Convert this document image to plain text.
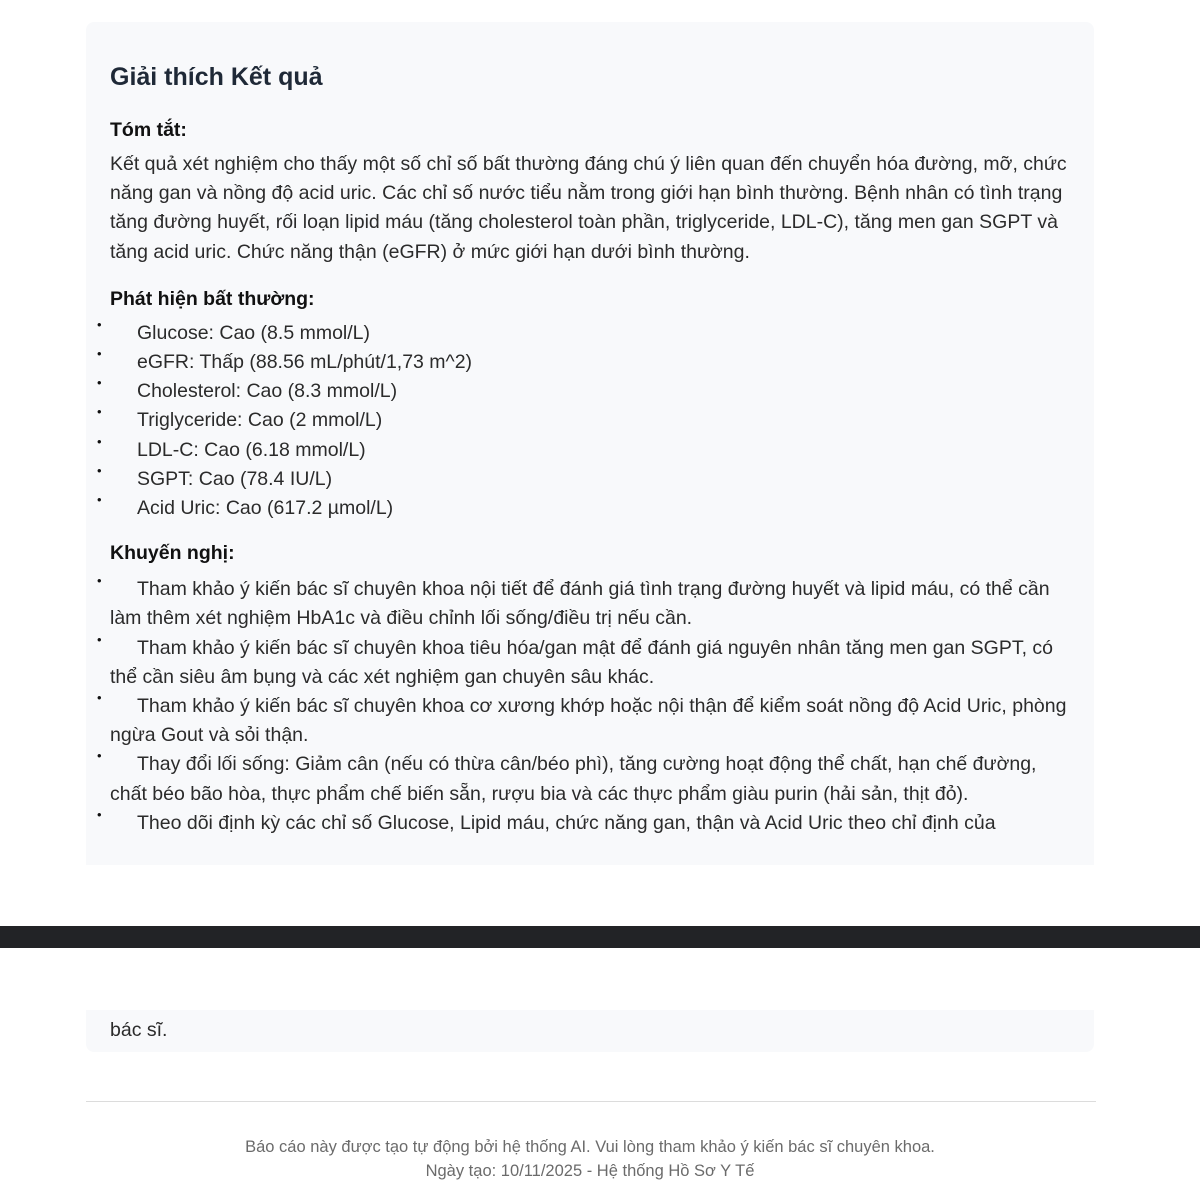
Giải thích Kết quả
Tóm tắt:

Kết quả xét nghiệm cho thấy một số chỉ số bất thường đáng chú ý liên quan đến chuyển hóa đường, mỡ, chức năng gan và nồng độ acid uric. Các chỉ số nước tiểu nằm trong giới hạn bình thường. Bệnh nhân có tình trạng tăng đường huyết, rối loạn lipid máu (tăng cholesterol toàn phần, triglyceride, LDL-C), tăng men gan SGPT và tăng acid uric. Chức năng thận (eGFR) ở mức giới hạn dưới bình thường.

Phát hiện bất thường:
• Glucose: Cao (8.5 mmol/L)
• eGFR: Thấp (88.56 mL/phút/1,73 m^2)
• Cholesterol: Cao (8.3 mmol/L)
• Triglyceride: Cao (2 mmol/L)
• LDL-C: Cao (6.18 mmol/L)
• SGPT: Cao (78.4 IU/L)
• Acid Uric: Cao (617.2 µmol/L)
Khuyến nghị:
• Tham khảo ý kiến bác sĩ chuyên khoa nội tiết để đánh giá tình trạng đường huyết và lipid máu, có thể cần làm thêm xét nghiệm HbA1c và điều chỉnh lối sống/điều trị nếu cần.
• Tham khảo ý kiến bác sĩ chuyên khoa tiêu hóa/gan mật để đánh giá nguyên nhân tăng men gan SGPT, có thể cần siêu âm bụng và các xét nghiệm gan chuyên sâu khác.
• Tham khảo ý kiến bác sĩ chuyên khoa cơ xương khớp hoặc nội thận để kiểm soát nồng độ Acid Uric, phòng ngừa Gout và sỏi thận.
• Thay đổi lối sống: Giảm cân (nếu có thừa cân/béo phì), tăng cường hoạt động thể chất, hạn chế đường, chất béo bão hòa, thực phẩm chế biến sẵn, rượu bia và các thực phẩm giàu purin (hải sản, thịt đỏ).
• Theo dõi định kỳ các chỉ số Glucose, Lipid máu, chức năng gan, thận và Acid Uric theo chỉ định của
bác sĩ.
Báo cáo này được tạo tự động bởi hệ thống AI. Vui lòng tham khảo ý kiến bác sĩ chuyên khoa.
Ngày tạo: 10/11/2025 - Hệ thống Hồ Sơ Y Tế
